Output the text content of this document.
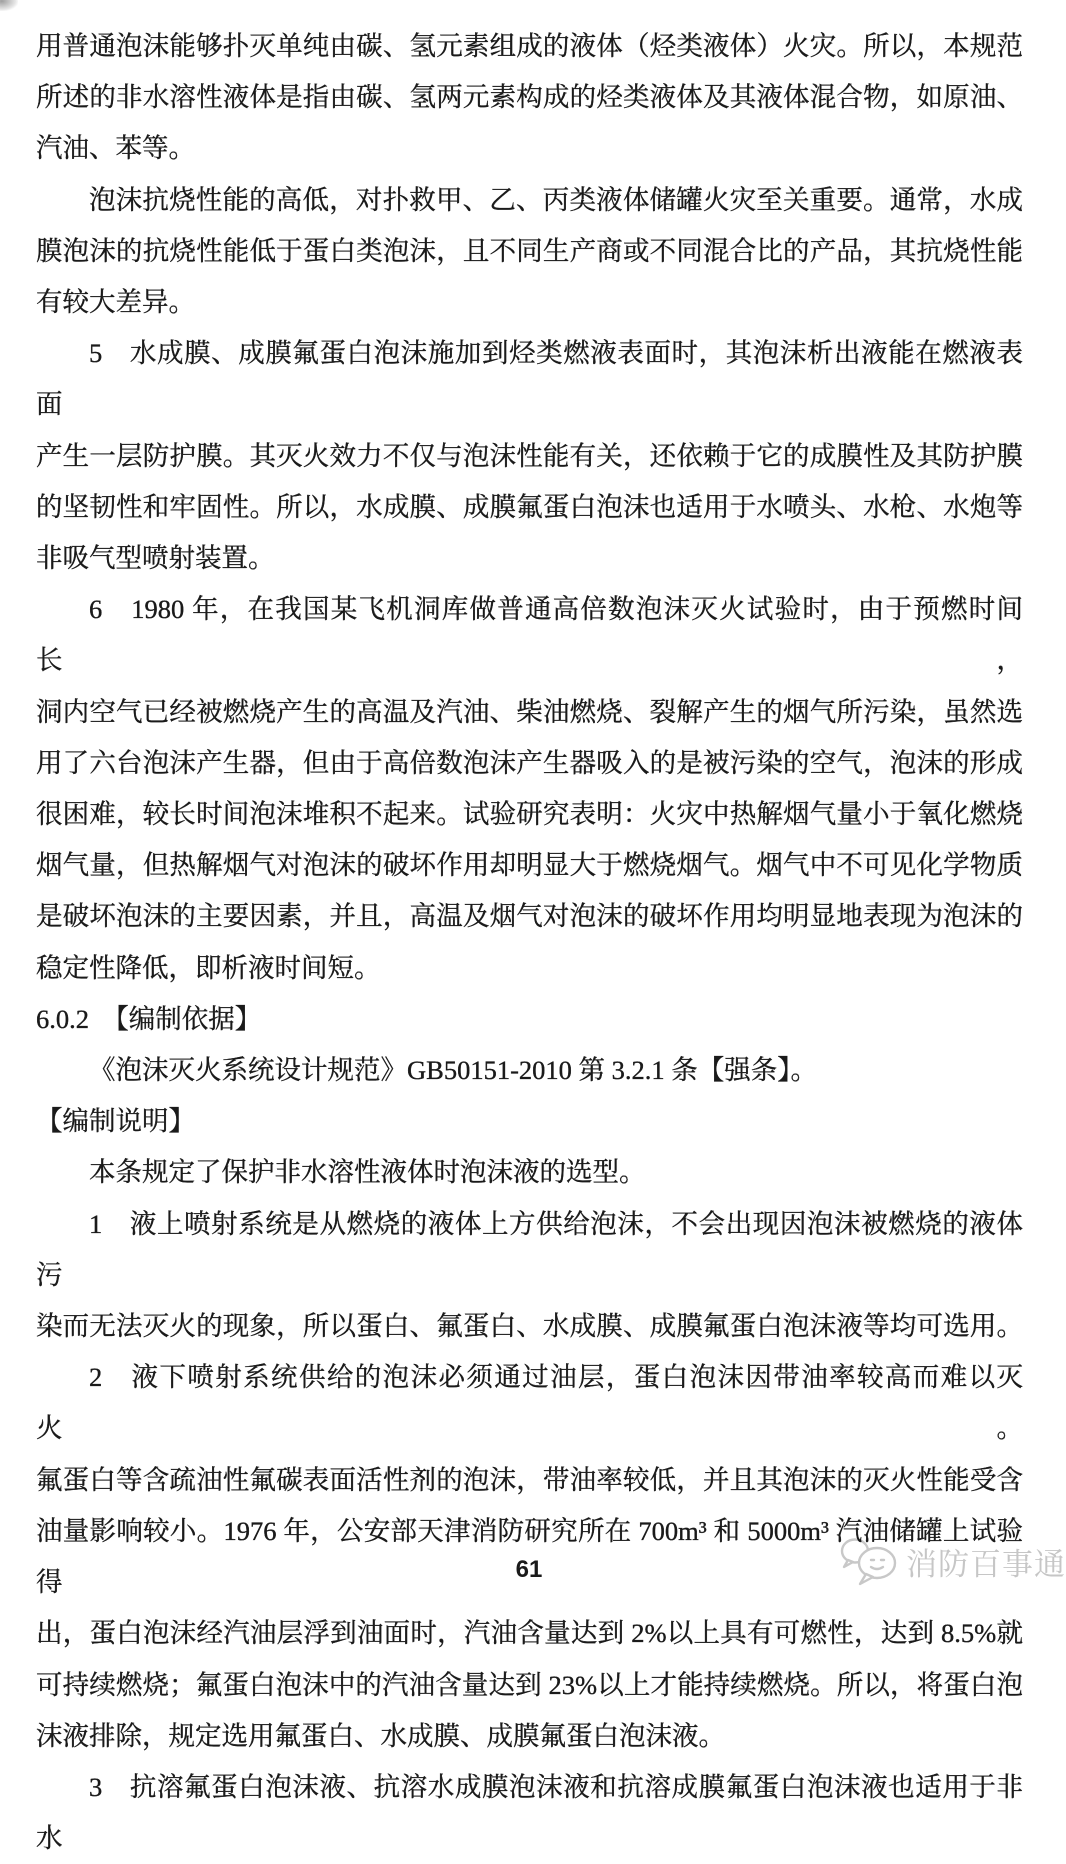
用普通泡沫能够扑灭单纯由碳、氢元素组成的液体（烃类液体）火灾。所以，本规范
所述的非水溶性液体是指由碳、氢两元素构成的烃类液体及其液体混合物，如原油、
汽油、苯等。
泡沫抗烧性能的高低，对扑救甲、乙、丙类液体储罐火灾至关重要。通常，水成
膜泡沫的抗烧性能低于蛋白类泡沫，且不同生产商或不同混合比的产品，其抗烧性能
有较大差异。
5　水成膜、成膜氟蛋白泡沫施加到烃类燃液表面时，其泡沫析出液能在燃液表面
产生一层防护膜。其灭火效力不仅与泡沫性能有关，还依赖于它的成膜性及其防护膜
的坚韧性和牢固性。所以，水成膜、成膜氟蛋白泡沫也适用于水喷头、水枪、水炮等
非吸气型喷射装置。
6　1980 年，在我国某飞机洞库做普通高倍数泡沫灭火试验时，由于预燃时间长，
洞内空气已经被燃烧产生的高温及汽油、柴油燃烧、裂解产生的烟气所污染，虽然选
用了六台泡沫产生器，但由于高倍数泡沫产生器吸入的是被污染的空气，泡沫的形成
很困难，较长时间泡沫堆积不起来。试验研究表明：火灾中热解烟气量小于氧化燃烧
烟气量，但热解烟气对泡沫的破坏作用却明显大于燃烧烟气。烟气中不可见化学物质
是破坏泡沫的主要因素，并且，高温及烟气对泡沫的破坏作用均明显地表现为泡沫的
稳定性降低，即析液时间短。
6.0.2　【编制依据】
《泡沫灭火系统设计规范》GB50151-2010 第 3.2.1 条【强条】。
【编制说明】
本条规定了保护非水溶性液体时泡沫液的选型。
1　液上喷射系统是从燃烧的液体上方供给泡沫，不会出现因泡沫被燃烧的液体污
染而无法灭火的现象，所以蛋白、氟蛋白、水成膜、成膜氟蛋白泡沫液等均可选用。
2　液下喷射系统供给的泡沫必须通过油层，蛋白泡沫因带油率较高而难以灭火。
氟蛋白等含疏油性氟碳表面活性剂的泡沫，带油率较低，并且其泡沫的灭火性能受含
油量影响较小。1976 年，公安部天津消防研究所在 700m³ 和 5000m³ 汽油储罐上试验得
出，蛋白泡沫经汽油层浮到油面时，汽油含量达到 2%以上具有可燃性，达到 8.5%就
可持续燃烧；氟蛋白泡沫中的汽油含量达到 23%以上才能持续燃烧。所以，将蛋白泡
沫液排除，规定选用氟蛋白、水成膜、成膜氟蛋白泡沫液。
3　抗溶氟蛋白泡沫液、抗溶水成膜泡沫液和抗溶成膜氟蛋白泡沫液也适用于非水
消防百事通
61
